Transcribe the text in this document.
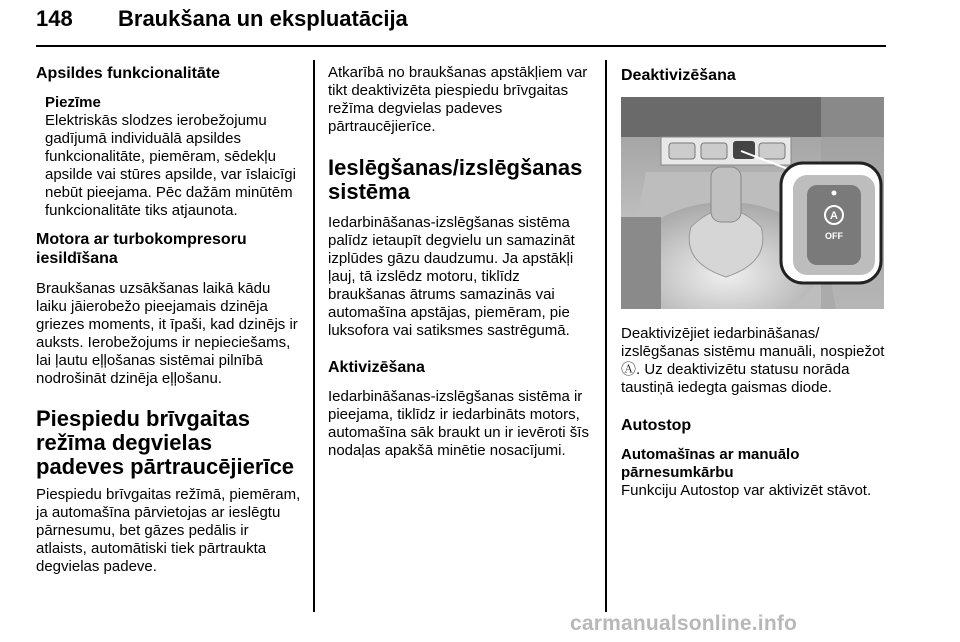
148 Braukšana un ekspluatācija
Apsildes funkcionalitāte
Piezīme

Elektriskās slodzes ierobežojumu gadījumā individuālā apsildes funkcionalitāte, piemēram, sēdekļu apsilde vai stūres apsilde, var īslaicīgi nebūt pieejama. Pēc dažām minūtēm funkcionalitāte tiks atjaunota.

Motora ar turbokompresoru iesildīšana

Braukšanas uzsākšanas laikā kādu laiku jāierobežo pieejamais dzinēja griezes moments, it īpaši, kad dzinējs ir auksts. Ierobežojums ir nepieciešams, lai ļautu eļļošanas sistēmai pilnībā nodrošināt dzinēja eļļošanu.

Piespiedu brīvgaitas režīma degvielas padeves pārtraucējierīce

Piespiedu brīvgaitas režīmā, piemēram, ja automašīna pārvietojas ar ieslēgtu pārnesumu, bet gāzes pedālis ir atlaists, automātiski tiek pārtraukta degvielas padeve.

Atkarībā no braukšanas apstākļiem var tikt deaktivizēta piespiedu brīvgaitas režīma degvielas padeves pārtraucējierīce.

Ieslēgšanas/izslēgšanas sistēma

Iedarbināšanas-izslēgšanas sistēma palīdz ietaupīt degvielu un samazināt izplūdes gāzu daudzumu. Ja apstākļi ļauj, tā izslēdz motoru, tiklīdz braukšanas ātrums samazinās vai automašīna apstājas, piemēram, pie luksofora vai satiksmes sastrēgumā.

Aktivizēšana

Iedarbināšanas-izslēgšanas sistēma ir pieejama, tiklīdz ir iedarbināts motors, automašīna sāk braukt un ir ievēroti šīs nodaļas apakšā minētie nosacījumi.

Deaktivizēšana
A
OFF

Deaktivizējiet iedarbināšanas/ izslēgšanas sistēmu manuāli, nospiežot Ⓐ. Uz deaktivizētu statusu norāda taustiņā iedegta gaismas diode.

Autostop
Automašīnas ar manuālo pārnesumkārbu

Funkciju Autostop var aktivizēt stāvot.

carmanualsonline.info
